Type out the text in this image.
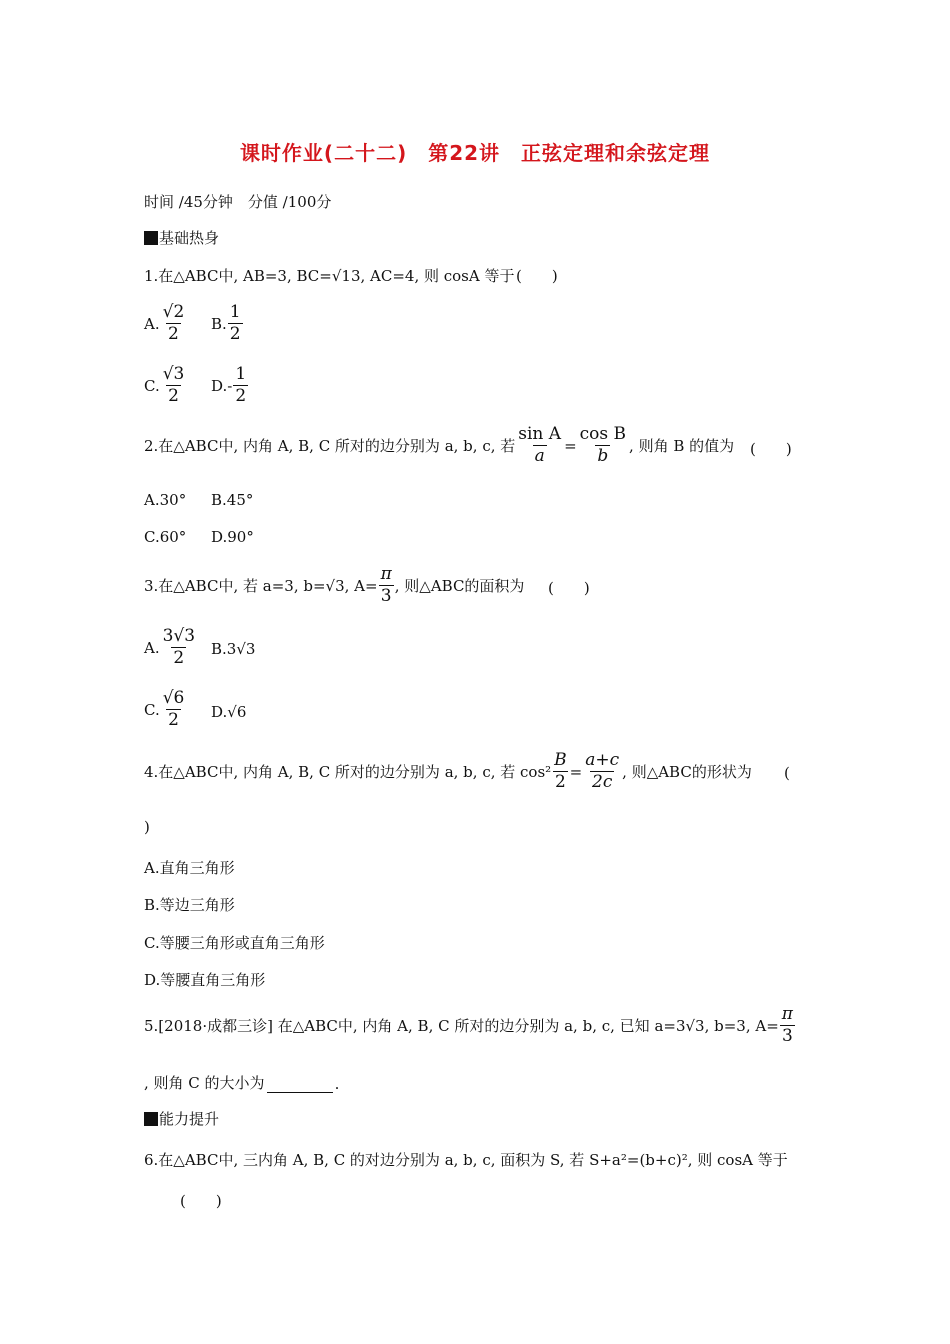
课时作业(二十二)　第22讲　正弦定理和余弦定理
时间 ∕45分钟　分值 ∕100分
基础热身
1.在△ABC中, AB=3, BC=√13, AC=4, 则 cosA 等于 (　　)
A. $\frac{√2}{2} B$. $\frac{1}{2}$
C. $\frac{√3}{2} D.- \frac{1}{2}$
2.在△ABC中, 内角 A, B, C 所对的边分别为 a, b, c, 若 $\frac{\text{sin A}}{a} = \frac{\text{cos B}}{b}$ , 则角 B 的值为 (　　)
A.30° B.45°
C.60° D.90°
3.在△ABC中, 若 a=3, b=√3, $A= \frac{\pi}{3}$ , 则△ABC的面积为 (　　)
A. $\frac{3√3}{2} B.3√3$
C. $\frac{√6}{2} D.√6$
4.在△ABC中, 内角 A, B, C 所对的边分别为 a, b, c, 若 $\cos^2 \frac{B}{2} = \frac{a+c}{2c}$ , 则△ABC的形状为 (
)
A.直角三角形
B.等边三角形
C.等腰三角形或直角三角形
D.等腰直角三角形
5.[2018·成都三诊] 在△ABC中, 内角 A, B, C 所对的边分别为 a, b, c, 已知 a=3√3, b=3, $A= \frac{\pi}{3}$
, 则角 C 的大小为	.
能力提升
6.在△ABC中, 三内角 A, B, C 的对边分别为 a, b, c, 面积为 S, 若 S+a²=(b+c)², 则 cosA 等于
(　　)
